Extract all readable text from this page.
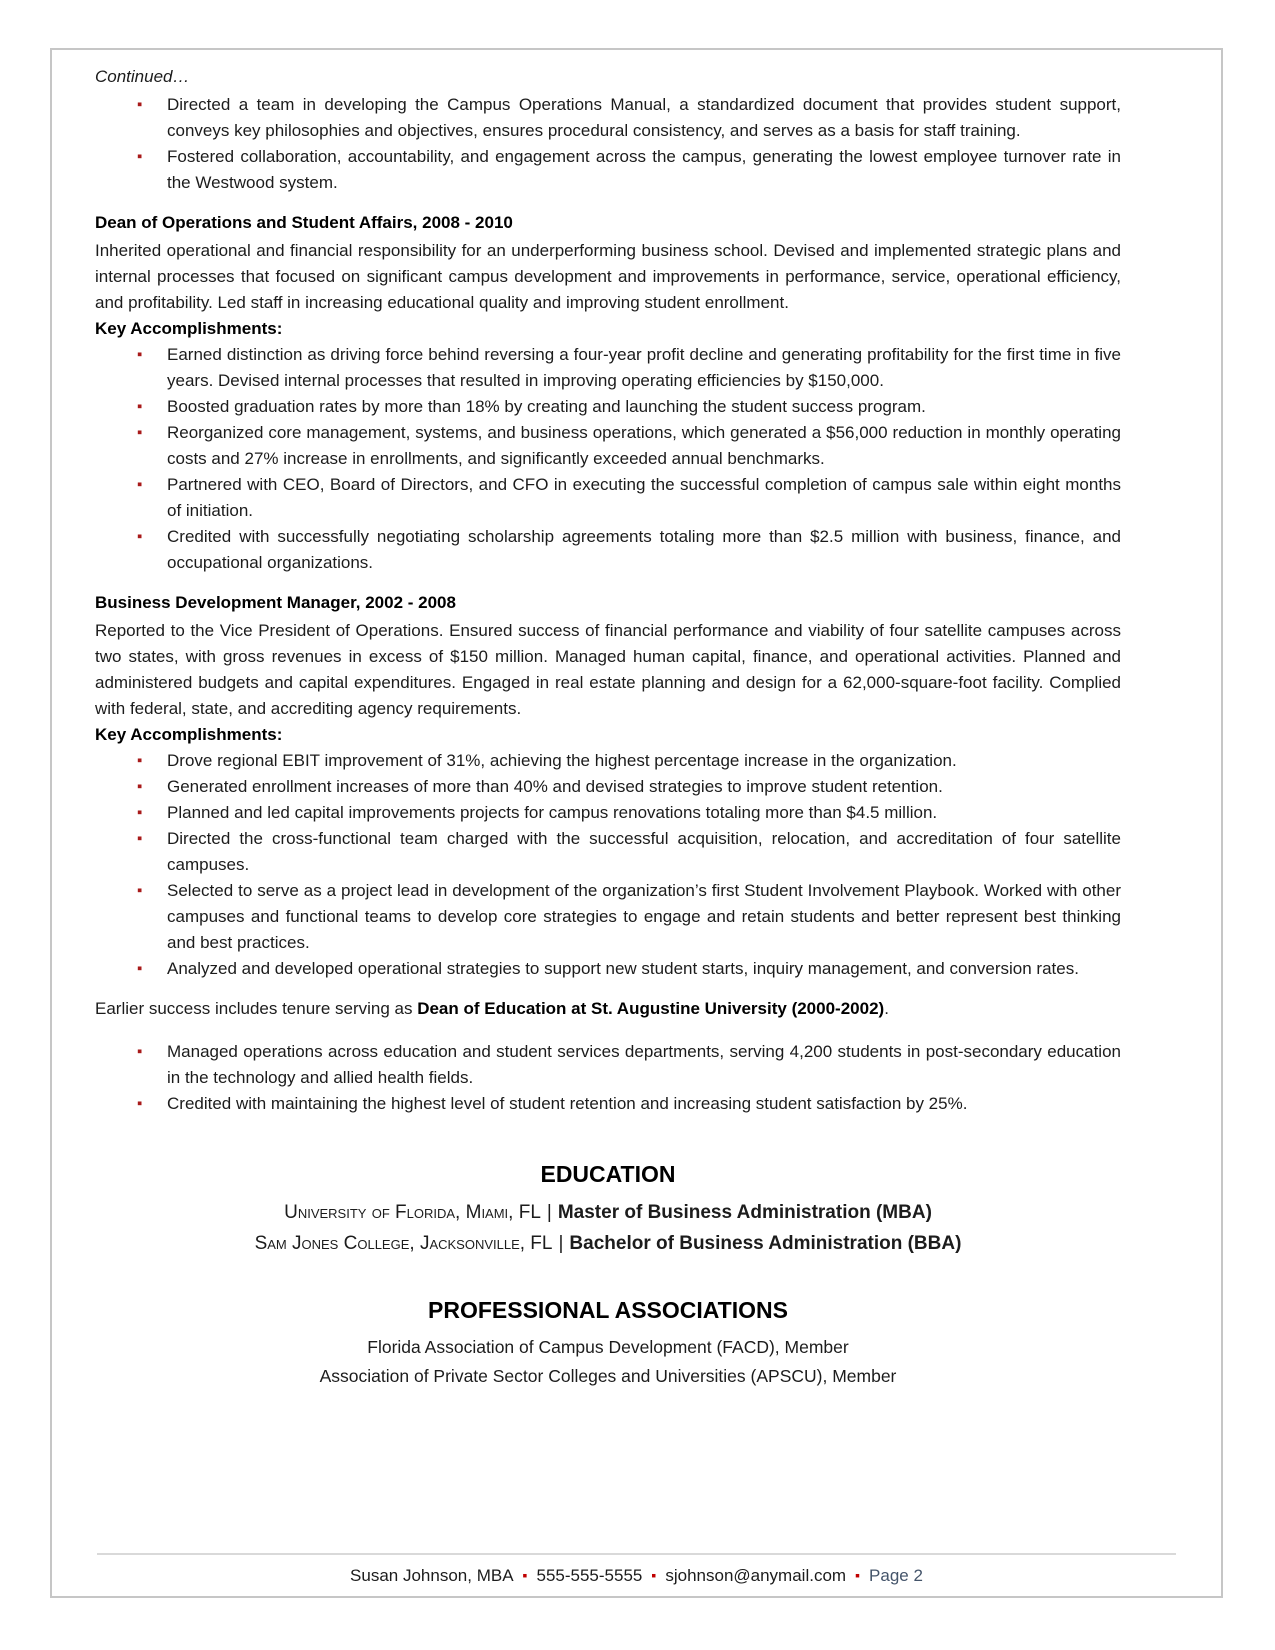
Continued…

▪	Directed a team in developing the Campus Operations Manual, a standardized document that provides student support, conveys key philosophies and objectives, ensures procedural consistency, and serves as a basis for staff training.
▪	Fostered collaboration, accountability, and engagement across the campus, generating the lowest employee turnover rate in the Westwood system.

Dean of Operations and Student Affairs, 2008 - 2010

Inherited operational and financial responsibility for an underperforming business school. Devised and implemented strategic plans and internal processes that focused on significant campus development and improvements in performance, service, operational efficiency, and profitability. Led staff in increasing educational quality and improving student enrollment.

Key Accomplishments:

▪	Earned distinction as driving force behind reversing a four-year profit decline and generating profitability for the first time in five years. Devised internal processes that resulted in improving operating efficiencies by $150,000.
▪	Boosted graduation rates by more than 18% by creating and launching the student success program.
▪	Reorganized core management, systems, and business operations, which generated a $56,000 reduction in monthly operating costs and 27% increase in enrollments, and significantly exceeded annual benchmarks.
▪	Partnered with CEO, Board of Directors, and CFO in executing the successful completion of campus sale within eight months of initiation.
▪	Credited with successfully negotiating scholarship agreements totaling more than $2.5 million with business, finance, and occupational organizations.

Business Development Manager, 2002 - 2008

Reported to the Vice President of Operations. Ensured success of financial performance and viability of four satellite campuses across two states, with gross revenues in excess of $150 million. Managed human capital, finance, and operational activities. Planned and administered budgets and capital expenditures. Engaged in real estate planning and design for a 62,000-square-foot facility. Complied with federal, state, and accrediting agency requirements.

Key Accomplishments:

▪	Drove regional EBIT improvement of 31%, achieving the highest percentage increase in the organization.
▪	Generated enrollment increases of more than 40% and devised strategies to improve student retention.
▪	Planned and led capital improvements projects for campus renovations totaling more than $4.5 million.
▪	Directed the cross-functional team charged with the successful acquisition, relocation, and accreditation of four satellite campuses.
▪	Selected to serve as a project lead in development of the organization’s first Student Involvement Playbook. Worked with other campuses and functional teams to develop core strategies to engage and retain students and better represent best thinking and best practices.
▪	Analyzed and developed operational strategies to support new student starts, inquiry management, and conversion rates.

Earlier success includes tenure serving as Dean of Education at St. Augustine University (2000-2002).

▪	Managed operations across education and student services departments, serving 4,200 students in post-secondary education in the technology and allied health fields.
▪	Credited with maintaining the highest level of student retention and increasing student satisfaction by 25%.
EDUCATION
University of Florida, Miami, FL | Master of Business Administration (MBA)
Sam Jones College, Jacksonville, FL | Bachelor of Business Administration (BBA)
PROFESSIONAL ASSOCIATIONS
Florida Association of Campus Development (FACD), Member
Association of Private Sector Colleges and Universities (APSCU), Member
Susan Johnson, MBA ▪ 555-555-5555 ▪ sjohnson@anymail.com ▪ Page 2
